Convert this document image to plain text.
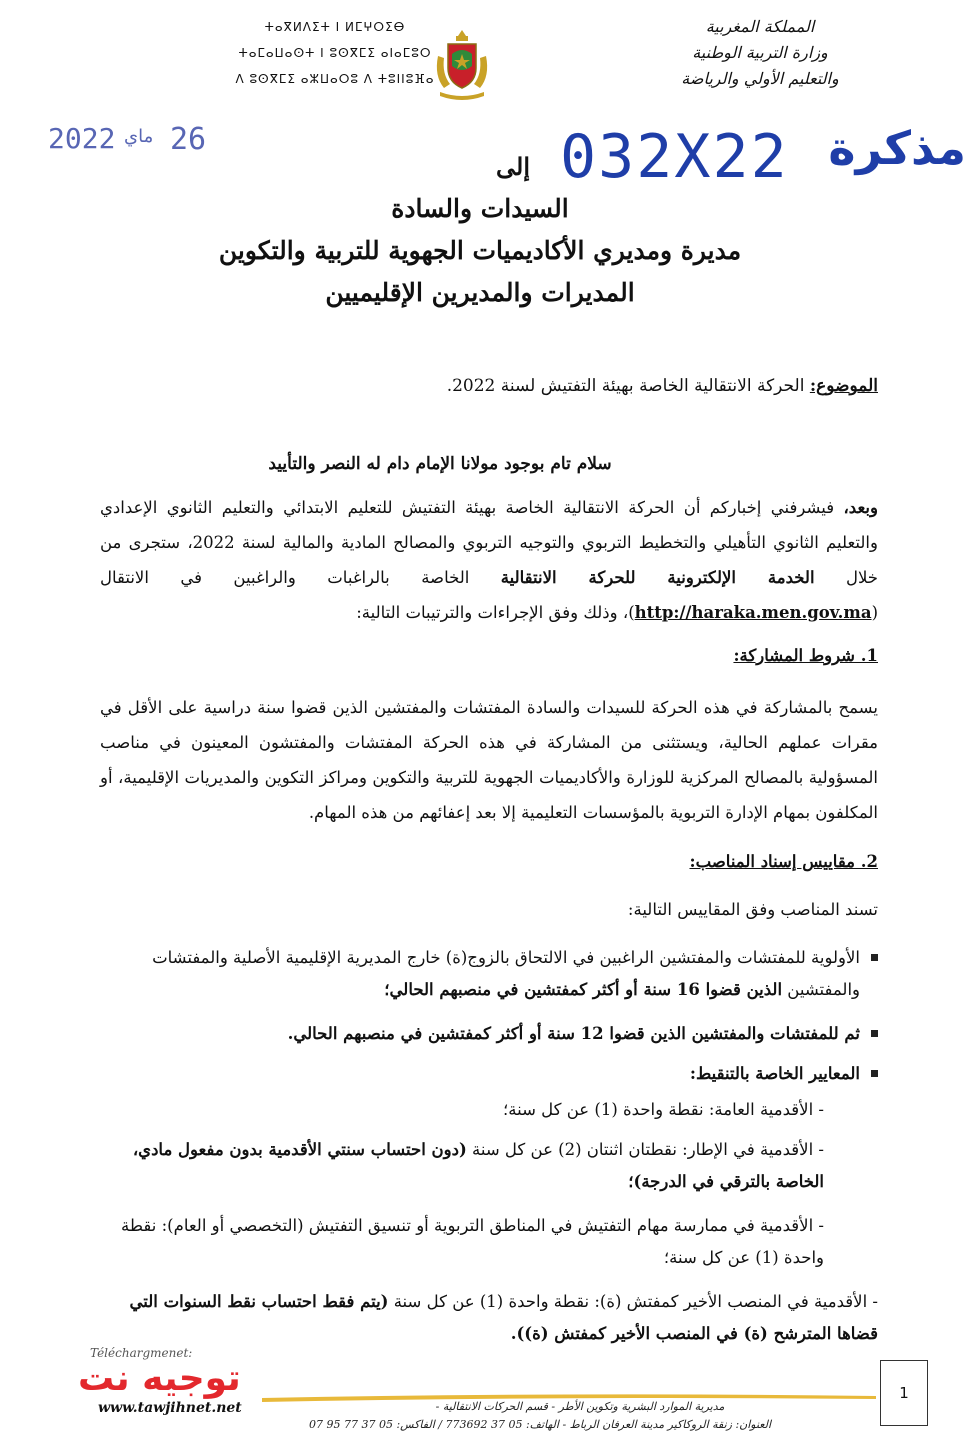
المملكة المغربية
وزارة التربية الوطنية
والتعليم الأولي والرياضة
ⵜⴰⴳⵍⴷⵉⵜ ⵏ ⵍⵎⵖⵔⵉⴱ
ⵜⴰⵎⴰⵡⴰⵙⵜ ⵏ ⵓⵙⴳⵎⵉ ⴰⵏⴰⵎⵓⵔ
ⴷ ⵓⵙⴳⵎⵉ ⴰⵣⵡⴰⵔⵓ ⴷ ⵜⵓⵏⵏⵓⴼⴰ
2022 ماي 26	032X22 مذكرة
إلى
السيدات والسادة
مديرة ومديري الأكاديميات الجهوية للتربية والتكوين
المديرات والمديرين الإقليميين
الموضوع: الحركة الانتقالية الخاصة بهيئة التفتيش لسنة 2022.
سلام تام بوجود مولانا الإمام دام له النصر والتأييد
وبعد، فيشرفني إخباركم أن الحركة الانتقالية الخاصة بهيئة التفتيش للتعليم الابتدائي والتعليم الثانوي الإعدادي والتعليم الثانوي التأهيلي والتخطيط التربوي والتوجيه التربوي والمصالح المادية والمالية لسنة 2022، ستجرى من خلال الخدمة الإلكترونية للحركة الانتقالية الخاصة بالراغبات والراغبين في الانتقال (http://haraka.men.gov.ma)، وذلك وفق الإجراءات والترتيبات التالية:
1. شروط المشاركة:
يسمح بالمشاركة في هذه الحركة للسيدات والسادة المفتشات والمفتشين الذين قضوا سنة دراسية على الأقل في مقرات عملهم الحالية، ويستثنى من المشاركة في هذه الحركة المفتشات والمفتشون المعينون في مناصب المسؤولية بالمصالح المركزية للوزارة والأكاديميات الجهوية للتربية والتكوين ومراكز التكوين والمديريات الإقليمية، أو المكلفون بمهام الإدارة التربوية بالمؤسسات التعليمية إلا بعد إعفائهم من هذه المهام.
2. مقاييس إسناد المناصب:
تسند المناصب وفق المقاييس التالية:
الأولوية للمفتشات والمفتشين الراغبين في الالتحاق بالزوج(ة) خارج المديرية الإقليمية الأصلية والمفتشات والمفتشين الذين قضوا 16 سنة أو أكثر كمفتشين في منصبهم الحالي؛
ثم للمفتشات والمفتشين الذين قضوا 12 سنة أو أكثر كمفتشين في منصبهم الحالي.
المعايير الخاصة بالتنقيط:
- الأقدمية العامة: نقطة واحدة (1) عن كل سنة؛
- الأقدمية في الإطار: نقطتان اثنتان (2) عن كل سنة (دون احتساب سنتي الأقدمية بدون مفعول مادي، الخاصة بالترقي في الدرجة)؛
- الأقدمية في ممارسة مهام التفتيش في المناطق التربوية أو تنسيق التفتيش (التخصصي أو العام): نقطة واحدة (1) عن كل سنة؛
- الأقدمية في المنصب الأخير كمفتش (ة): نقطة واحدة (1) عن كل سنة (يتم فقط احتساب نقط السنوات التي قضاها المترشح (ة) في المنصب الأخير كمفتش (ة)).
Téléchargmenet:
توجيه نت
www.tawjihnet.net	مديرية الموارد البشرية وتكوين الأطر - قسم الحركات الانتقالية -
العنوان: زنقة الروكاكير مدينة العرفان الرباط - الهاتف: 05 37 773692 / الفاكس: 05 37 77 95 07
1
